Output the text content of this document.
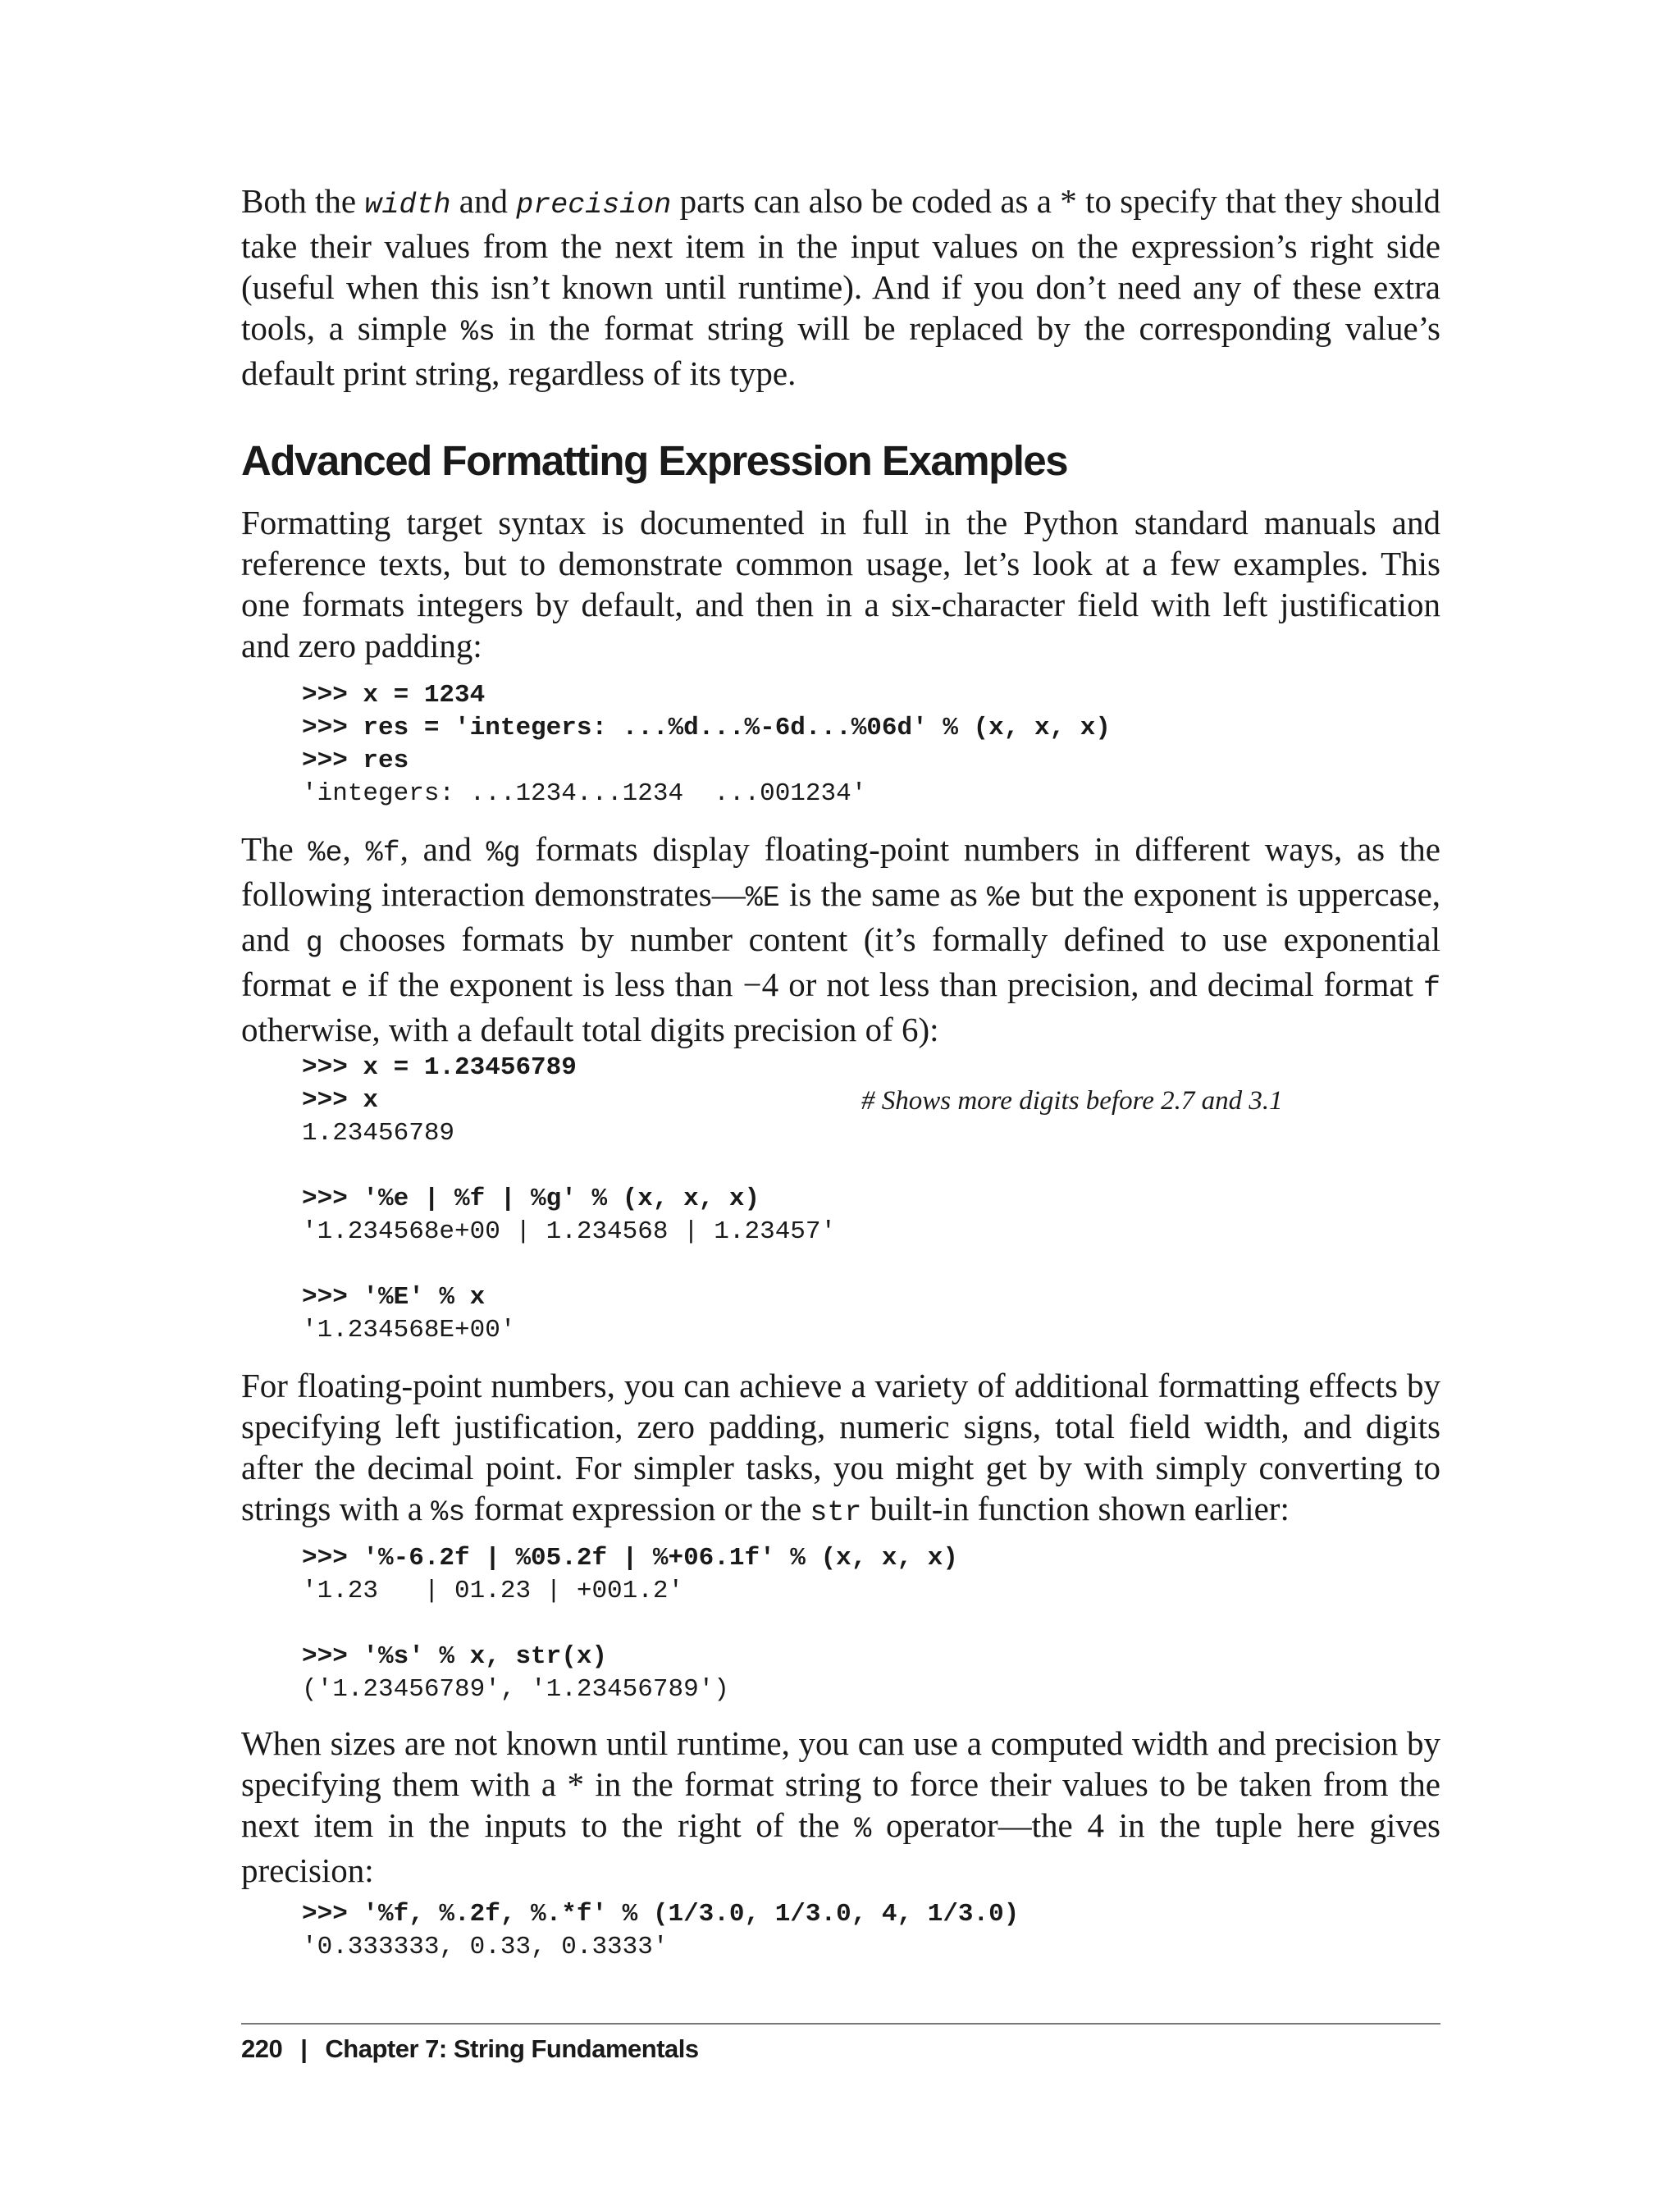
Both the width and precision parts can also be coded as a * to specify that they should take their values from the next item in the input values on the expression’s right side (useful when this isn’t known until runtime). And if you don’t need any of these extra tools, a simple %s in the format string will be replaced by the corresponding value’s default print string, regardless of its type.

Advanced Formatting Expression Examples

Formatting target syntax is documented in full in the Python standard manuals and reference texts, but to demonstrate common usage, let’s look at a few examples. This one formats integers by default, and then in a six-character field with left justification and zero padding:

>>> x = 1234
>>> res = 'integers: ...%d...%-6d...%06d' % (x, x, x)
>>> res
'integers: ...1234...1234  ...001234'

The %e, %f, and %g formats display floating-point numbers in different ways, as the following interaction demonstrates—%E is the same as %e but the exponent is uppercase, and g chooses formats by number content (it’s formally defined to use exponential format e if the exponent is less than −4 or not less than precision, and decimal format f otherwise, with a default total digits precision of 6):

>>> x = 1.23456789
>>> x
1.23456789
>>> '%e | %f | %g' % (x, x, x)
'1.234568e+00 | 1.234568 | 1.23457'
>>> '%E' % x
'1.234568E+00'
# Shows more digits before 2.7 and 3.1

For floating-point numbers, you can achieve a variety of additional formatting effects by specifying left justification, zero padding, numeric signs, total field width, and digits after the decimal point. For simpler tasks, you might get by with simply converting to strings with a %s format expression or the str built-in function shown earlier:

>>> '%-6.2f | %05.2f | %+06.1f' % (x, x, x)
'1.23   | 01.23 | +001.2'
>>> '%s' % x, str(x)
('1.23456789', '1.23456789')

When sizes are not known until runtime, you can use a computed width and precision by specifying them with a * in the format string to force their values to be taken from the next item in the inputs to the right of the % operator—the 4 in the tuple here gives precision:

>>> '%f, %.2f, %.*f' % (1/3.0, 1/3.0, 4, 1/3.0)
'0.333333, 0.33, 0.3333'
220 | Chapter 7: String Fundamentals
